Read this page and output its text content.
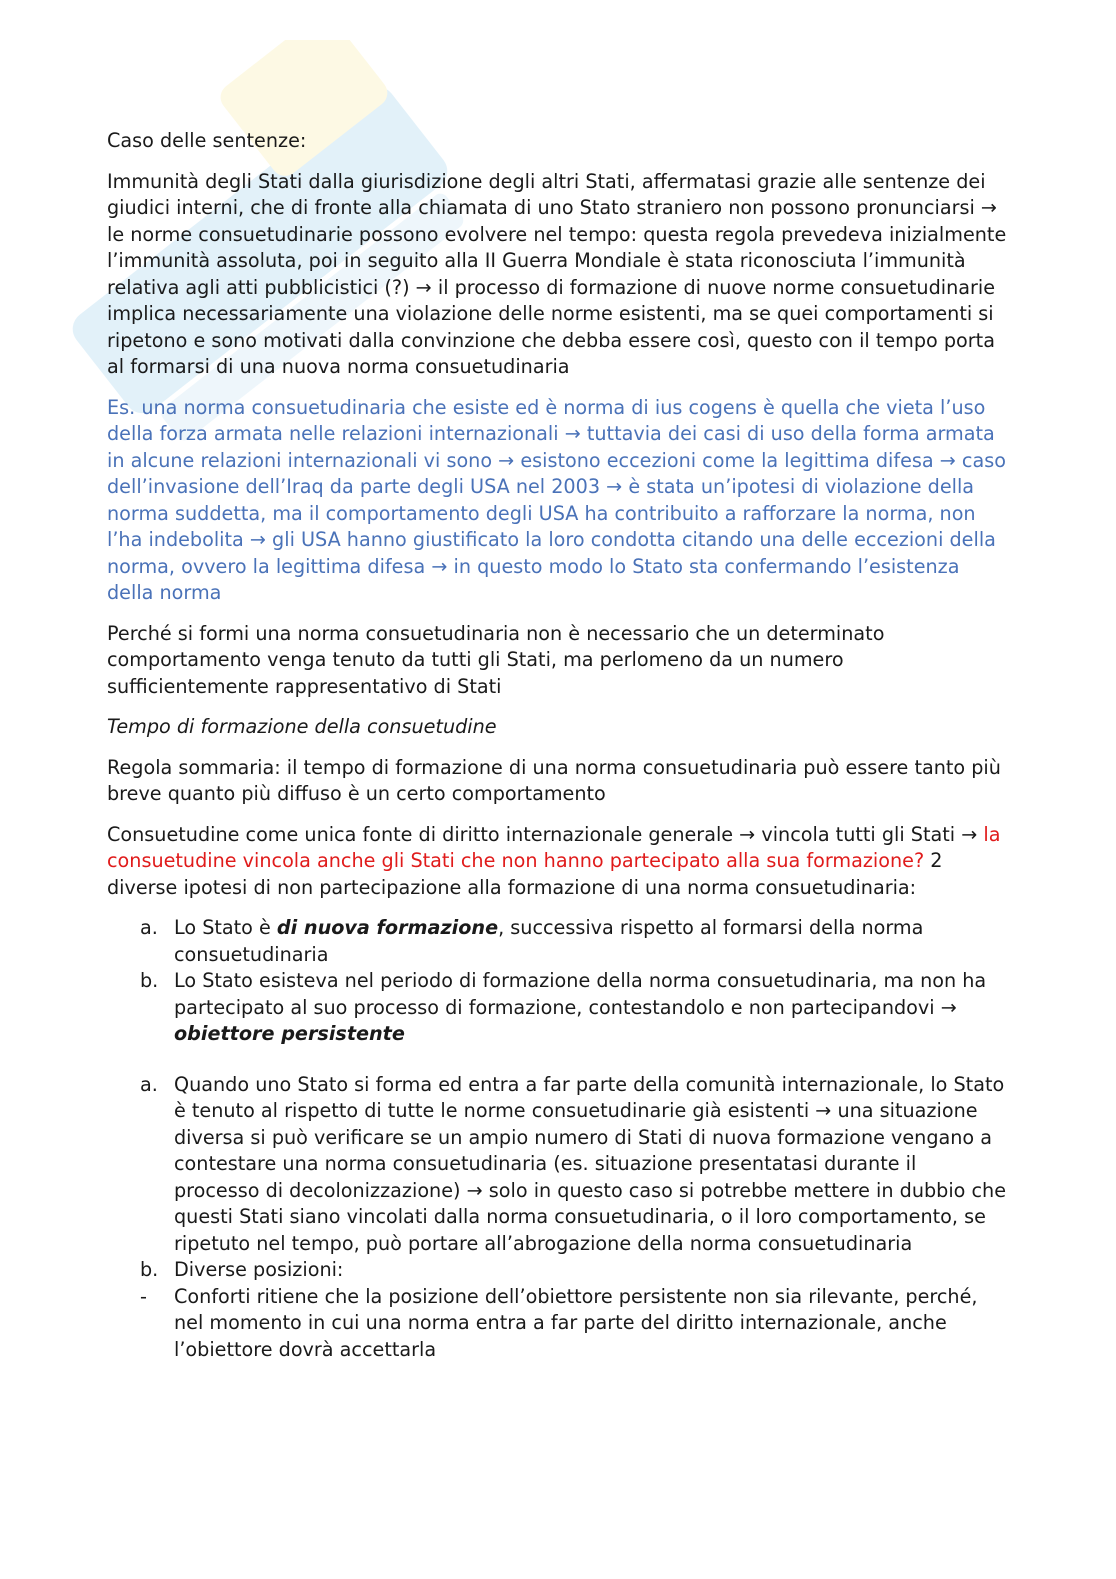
Caso delle sentenze:

Immunità degli Stati dalla giurisdizione degli altri Stati, affermatasi grazie alle sentenze dei giudici interni, che di fronte alla chiamata di uno Stato straniero non possono pronunciarsi → le norme consuetudinarie possono evolvere nel tempo: questa regola prevedeva inizialmente l’immunità assoluta, poi in seguito alla II Guerra Mondiale è stata riconosciuta l’immunità relativa agli atti pubblicistici (?) → il processo di formazione di nuove norme consuetudinarie implica necessariamente una violazione delle norme esistenti, ma se quei comportamenti si ripetono e sono motivati dalla convinzione che debba essere così, questo con il tempo porta al formarsi di una nuova norma consuetudinaria

Es. una norma consuetudinaria che esiste ed è norma di ius cogens è quella che vieta l’uso della forza armata nelle relazioni internazionali → tuttavia dei casi di uso della forma armata in alcune relazioni internazionali vi sono → esistono eccezioni come la legittima difesa → caso dell’invasione dell’Iraq da parte degli USA nel 2003 → è stata un’ipotesi di violazione della norma suddetta, ma il comportamento degli USA ha contribuito a rafforzare la norma, non l’ha indebolita → gli USA hanno giustificato la loro condotta citando una delle eccezioni della norma, ovvero la legittima difesa → in questo modo lo Stato sta confermando l’esistenza della norma

Perché si formi una norma consuetudinaria non è necessario che un determinato comportamento venga tenuto da tutti gli Stati, ma perlomeno da un numero sufficientemente rappresentativo di Stati

Tempo di formazione della consuetudine

Regola sommaria: il tempo di formazione di una norma consuetudinaria può essere tanto più breve quanto più diffuso è un certo comportamento

Consuetudine come unica fonte di diritto internazionale generale → vincola tutti gli Stati → la consuetudine vincola anche gli Stati che non hanno partecipato alla sua formazione? 2 diverse ipotesi di non partecipazione alla formazione di una norma consuetudinaria:

a. Lo Stato è di nuova formazione, successiva rispetto al formarsi della norma consuetudinaria
b. Lo Stato esisteva nel periodo di formazione della norma consuetudinaria, ma non ha partecipato al suo processo di formazione, contestandolo e non partecipandovi → obiettore persistente
a. Quando uno Stato si forma ed entra a far parte della comunità internazionale, lo Stato è tenuto al rispetto di tutte le norme consuetudinarie già esistenti → una situazione diversa si può verificare se un ampio numero di Stati di nuova formazione vengano a contestare una norma consuetudinaria (es. situazione presentatasi durante il processo di decolonizzazione) → solo in questo caso si potrebbe mettere in dubbio che questi Stati siano vincolati dalla norma consuetudinaria, o il loro comportamento, se ripetuto nel tempo, può portare all’abrogazione della norma consuetudinaria
b. Diverse posizioni:
- Conforti ritiene che la posizione dell’obiettore persistente non sia rilevante, perché, nel momento in cui una norma entra a far parte del diritto internazionale, anche l’obiettore dovrà accettarla
